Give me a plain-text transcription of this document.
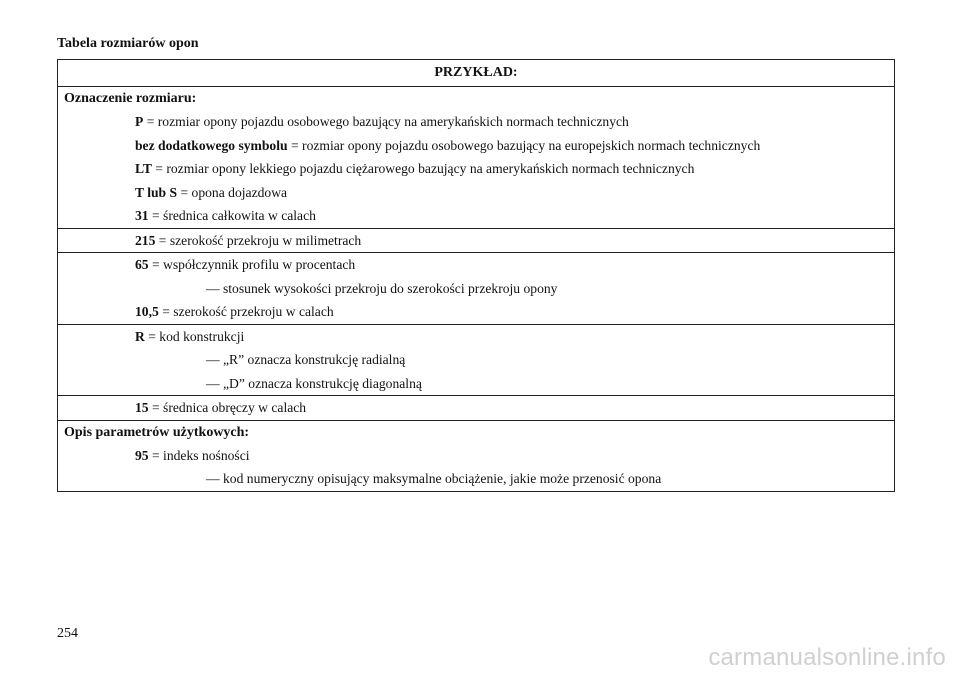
Tabela rozmiarów opon
PRZYKŁAD:
Oznaczenie rozmiaru:
P = rozmiar opony pojazdu osobowego bazujący na amerykańskich normach technicznych
bez dodatkowego symbolu = rozmiar opony pojazdu osobowego bazujący na europejskich normach technicznych
LT = rozmiar opony lekkiego pojazdu ciężarowego bazujący na amerykańskich normach technicznych
T lub S = opona dojazdowa
31 = średnica całkowita w calach
215 = szerokość przekroju w milimetrach
65 = współczynnik profilu w procentach
— stosunek wysokości przekroju do szerokości przekroju opony
10,5 = szerokość przekroju w calach
R = kod konstrukcji
— „R” oznacza konstrukcję radialną
— „D” oznacza konstrukcję diagonalną
15 = średnica obręczy w calach
Opis parametrów użytkowych:
95 = indeks nośności
— kod numeryczny opisujący maksymalne obciążenie, jakie może przenosić opona
254
carmanualsonline.info
